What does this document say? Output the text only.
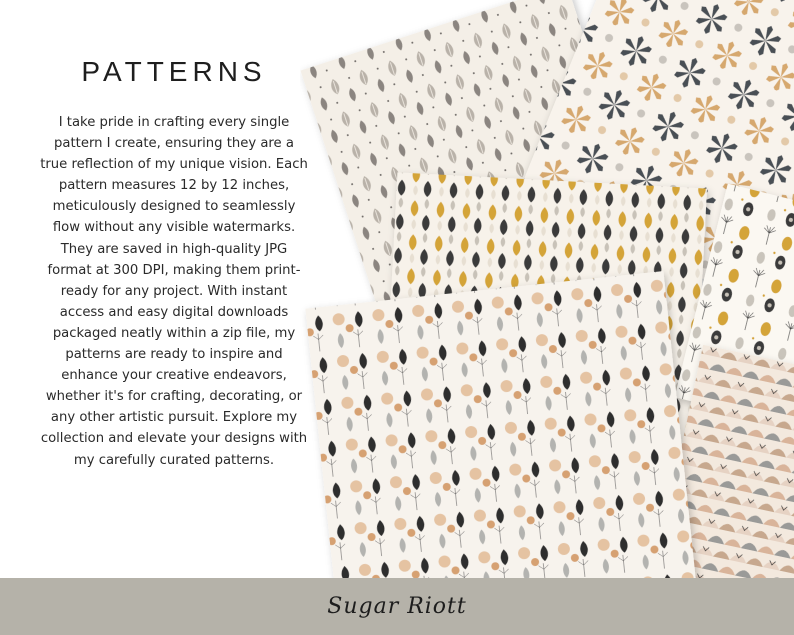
PATTERNS

I take pride in crafting every single pattern I create, ensuring they are a true reflection of my unique vision. Each pattern measures 12 by 12 inches, meticulously designed to seamlessly flow without any visible watermarks. They are saved in high-quality JPG format at 300 DPI, making them print-ready for any project. With instant access and easy digital downloads packaged neatly within a zip file, my patterns are ready to inspire and enhance your creative endeavors, whether it's for crafting, decorating, or any other artistic pursuit. Explore my collection and elevate your designs with my carefully curated patterns.

Sugar Riott
